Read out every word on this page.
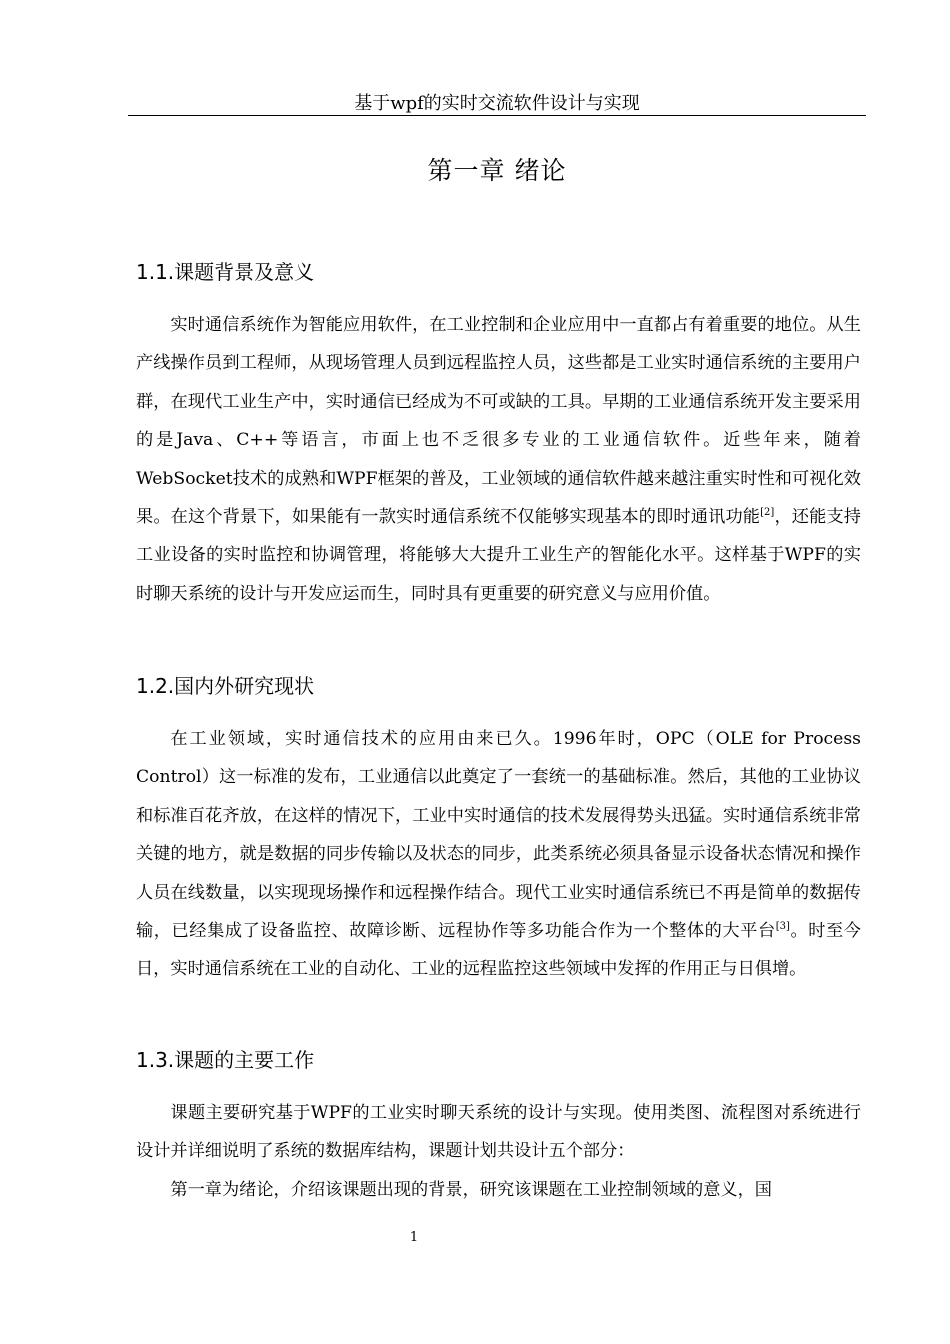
基于wpf的实时交流软件设计与实现
第一章 绪论
1.1.课题背景及意义

实时通信系统作为智能应用软件，在工业控制和企业应用中一直都占有着重要的地位。从生产线操作员到工程师，从现场管理人员到远程监控人员，这些都是工业实时通信系统的主要用户群，在现代工业生产中，实时通信已经成为不可或缺的工具。早期的工业通信系统开发主要采用的是Java、C++等语言，市面上也不乏很多专业的工业通信软件。近些年来，随着WebSocket技术的成熟和WPF框架的普及，工业领域的通信软件越来越注重实时性和可视化效果。在这个背景下，如果能有一款实时通信系统不仅能够实现基本的即时通讯功能[2]，还能支持工业设备的实时监控和协调管理，将能够大大提升工业生产的智能化水平。这样基于WPF的实时聊天系统的设计与开发应运而生，同时具有更重要的研究意义与应用价值。

1.2.国内外研究现状

在工业领域，实时通信技术的应用由来已久。1996年时，OPC（OLE for Process Control）这一标准的发布，工业通信以此奠定了一套统一的基础标准。然后，其他的工业协议和标准百花齐放，在这样的情况下，工业中实时通信的技术发展得势头迅猛。实时通信系统非常关键的地方，就是数据的同步传输以及状态的同步，此类系统必须具备显示设备状态情况和操作人员在线数量，以实现现场操作和远程操作结合。现代工业实时通信系统已不再是简单的数据传输，已经集成了设备监控、故障诊断、远程协作等多功能合作为一个整体的大平台[3]。时至今日，实时通信系统在工业的自动化、工业的远程监控这些领域中发挥的作用正与日俱增。

1.3.课题的主要工作

课题主要研究基于WPF的工业实时聊天系统的设计与实现。使用类图、流程图对系统进行设计并详细说明了系统的数据库结构，课题计划共设计五个部分：

第一章为绪论，介绍该课题出现的背景，研究该课题在工业控制领域的意义，国

1
